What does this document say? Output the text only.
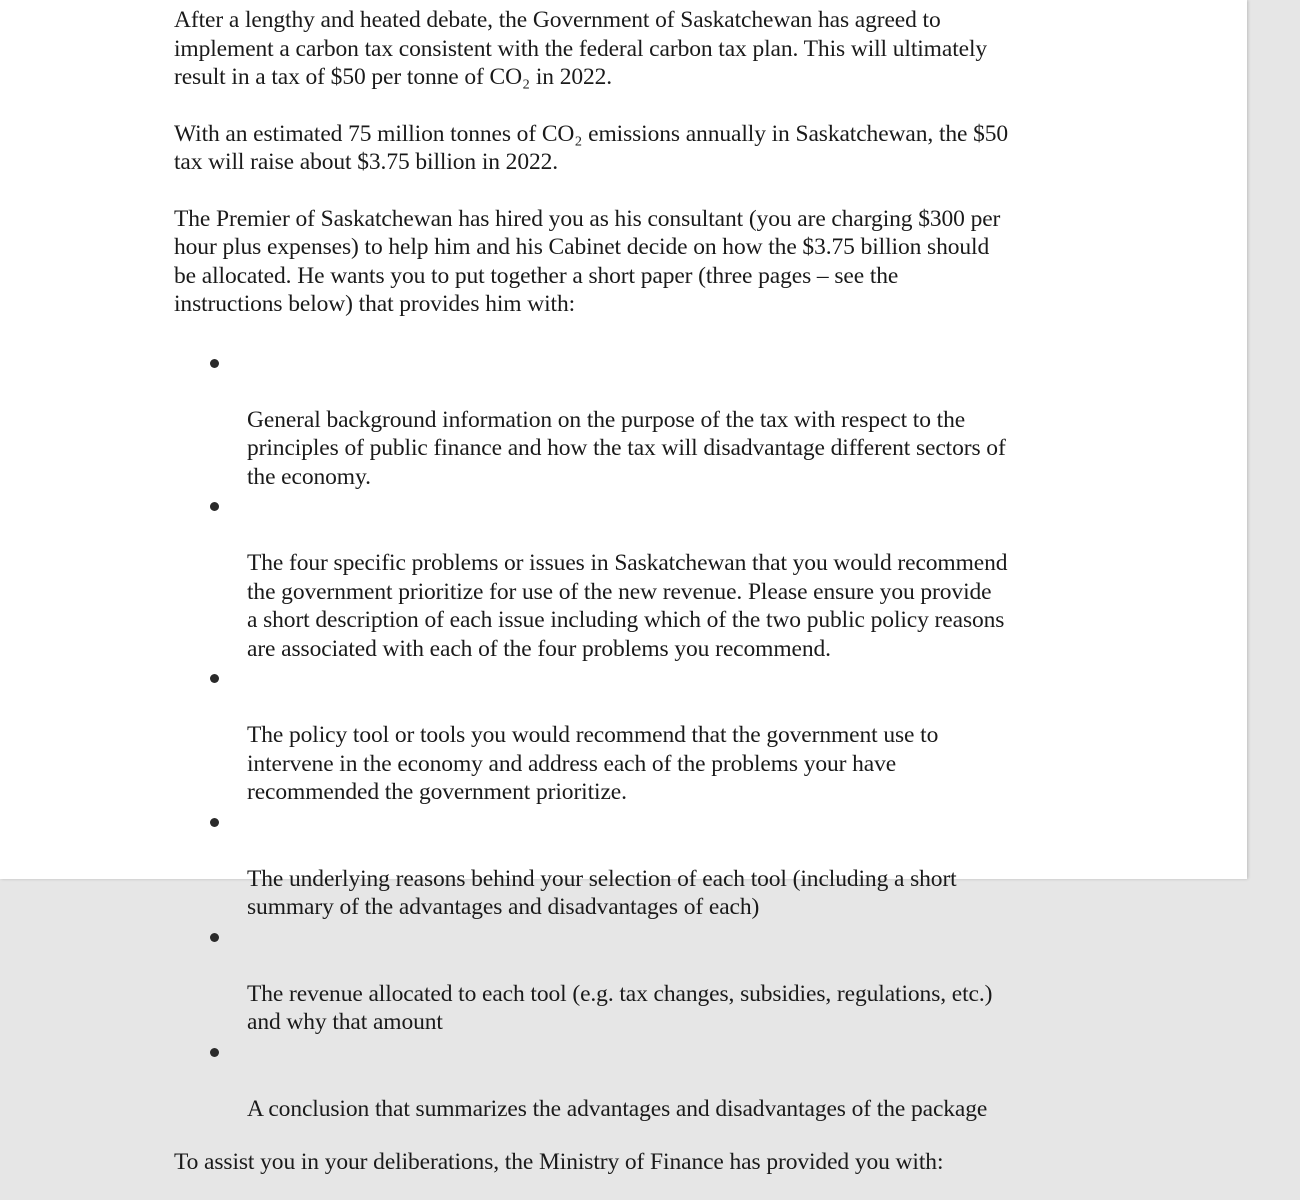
After a lengthy and heated debate, the Government of Saskatchewan has agreed to
implement a carbon tax consistent with the federal carbon tax plan. This will ultimately
result in a tax of $50 per tonne of CO₂ in 2022.

With an estimated 75 million tonnes of CO₂ emissions annually in Saskatchewan, the $50
tax will raise about $3.75 billion in 2022.

The Premier of Saskatchewan has hired you as his consultant (you are charging $300 per
hour plus expenses) to help him and his Cabinet decide on how the $3.75 billion should
be allocated. He wants you to put together a short paper (three pages – see the
instructions below) that provides him with:

General background information on the purpose of the tax with respect to the
principles of public finance and how the tax will disadvantage different sectors of
the economy.

The four specific problems or issues in Saskatchewan that you would recommend
the government prioritize for use of the new revenue. Please ensure you provide
a short description of each issue including which of the two public policy reasons
are associated with each of the four problems you recommend.

The policy tool or tools you would recommend that the government use to
intervene in the economy and address each of the problems your have
recommended the government prioritize.

The underlying reasons behind your selection of each tool (including a short
summary of the advantages and disadvantages of each)

The revenue allocated to each tool (e.g. tax changes, subsidies, regulations, etc.)
and why that amount

A conclusion that summarizes the advantages and disadvantages of the package

To assist you in your deliberations, the Ministry of Finance has provided you with:
